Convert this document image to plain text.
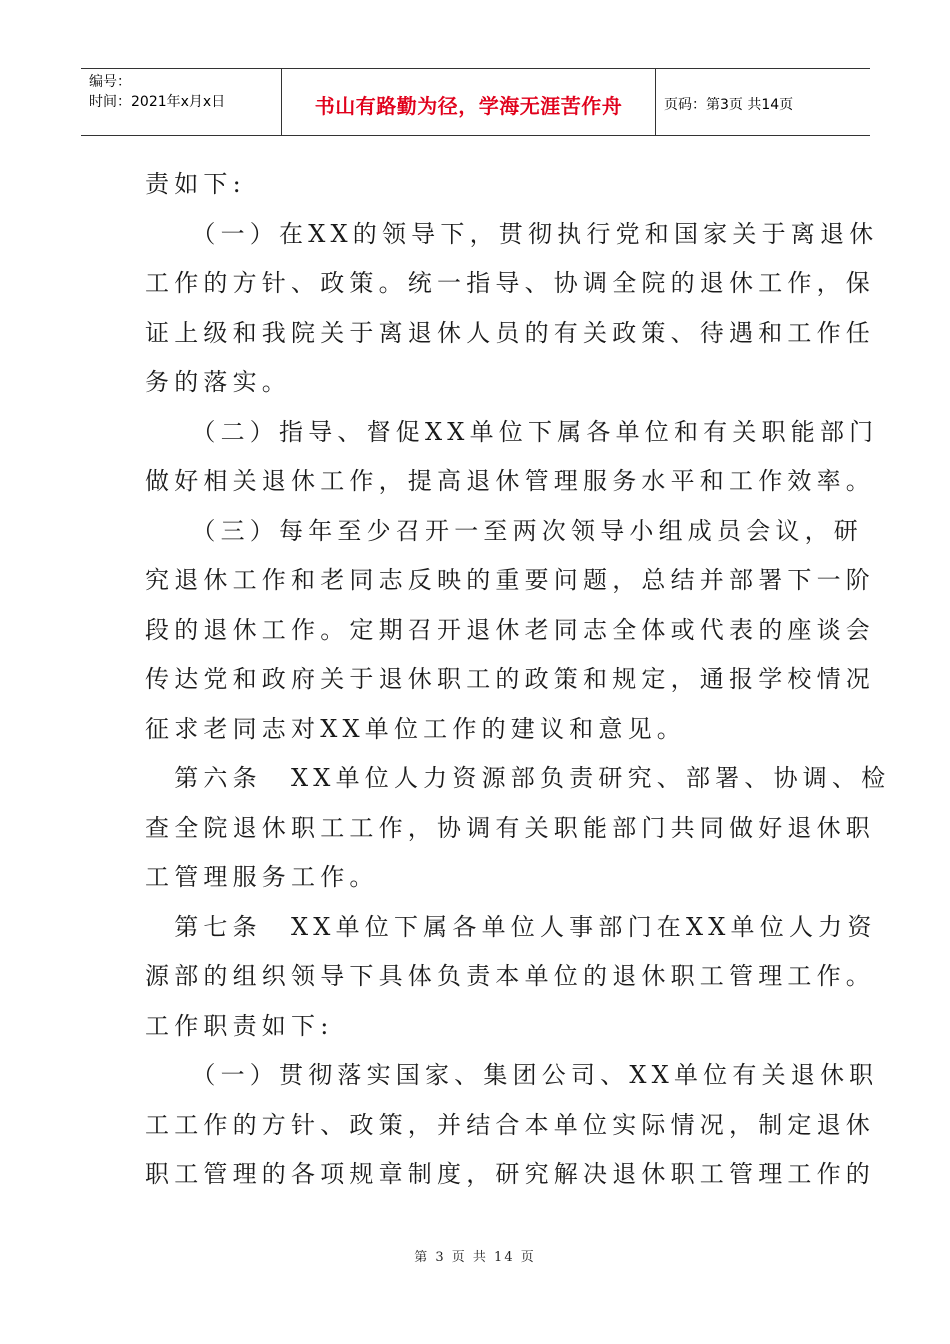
编号：
时间：2021年x月x日	书山有路勤为径，学海无涯苦作舟	页码：第3页 共14页
责如下:
　　（一）在XX的领导下，贯彻执行党和国家关于离退休
工作的方针、政策。统一指导、协调全院的退休工作，保
证上级和我院关于离退休人员的有关政策、待遇和工作任
务的落实。
　　（二）指导、督促XX单位下属各单位和有关职能部门
做好相关退休工作，提高退休管理服务水平和工作效率。
　　（三）每年至少召开一至两次领导小组成员会议，研
究退休工作和老同志反映的重要问题，总结并部署下一阶
段的退休工作。定期召开退休老同志全体或代表的座谈会
传达党和政府关于退休职工的政策和规定，通报学校情况
征求老同志对XX单位工作的建议和意见。
　第六条　XX单位人力资源部负责研究、部署、协调、检
查全院退休职工工作，协调有关职能部门共同做好退休职
工管理服务工作。
　第七条　XX单位下属各单位人事部门在XX单位人力资
源部的组织领导下具体负责本单位的退休职工管理工作。
工作职责如下:
　　（一）贯彻落实国家、集团公司、XX单位有关退休职
工工作的方针、政策，并结合本单位实际情况，制定退休
职工管理的各项规章制度，研究解决退休职工管理工作的
第 3 页 共 14 页
